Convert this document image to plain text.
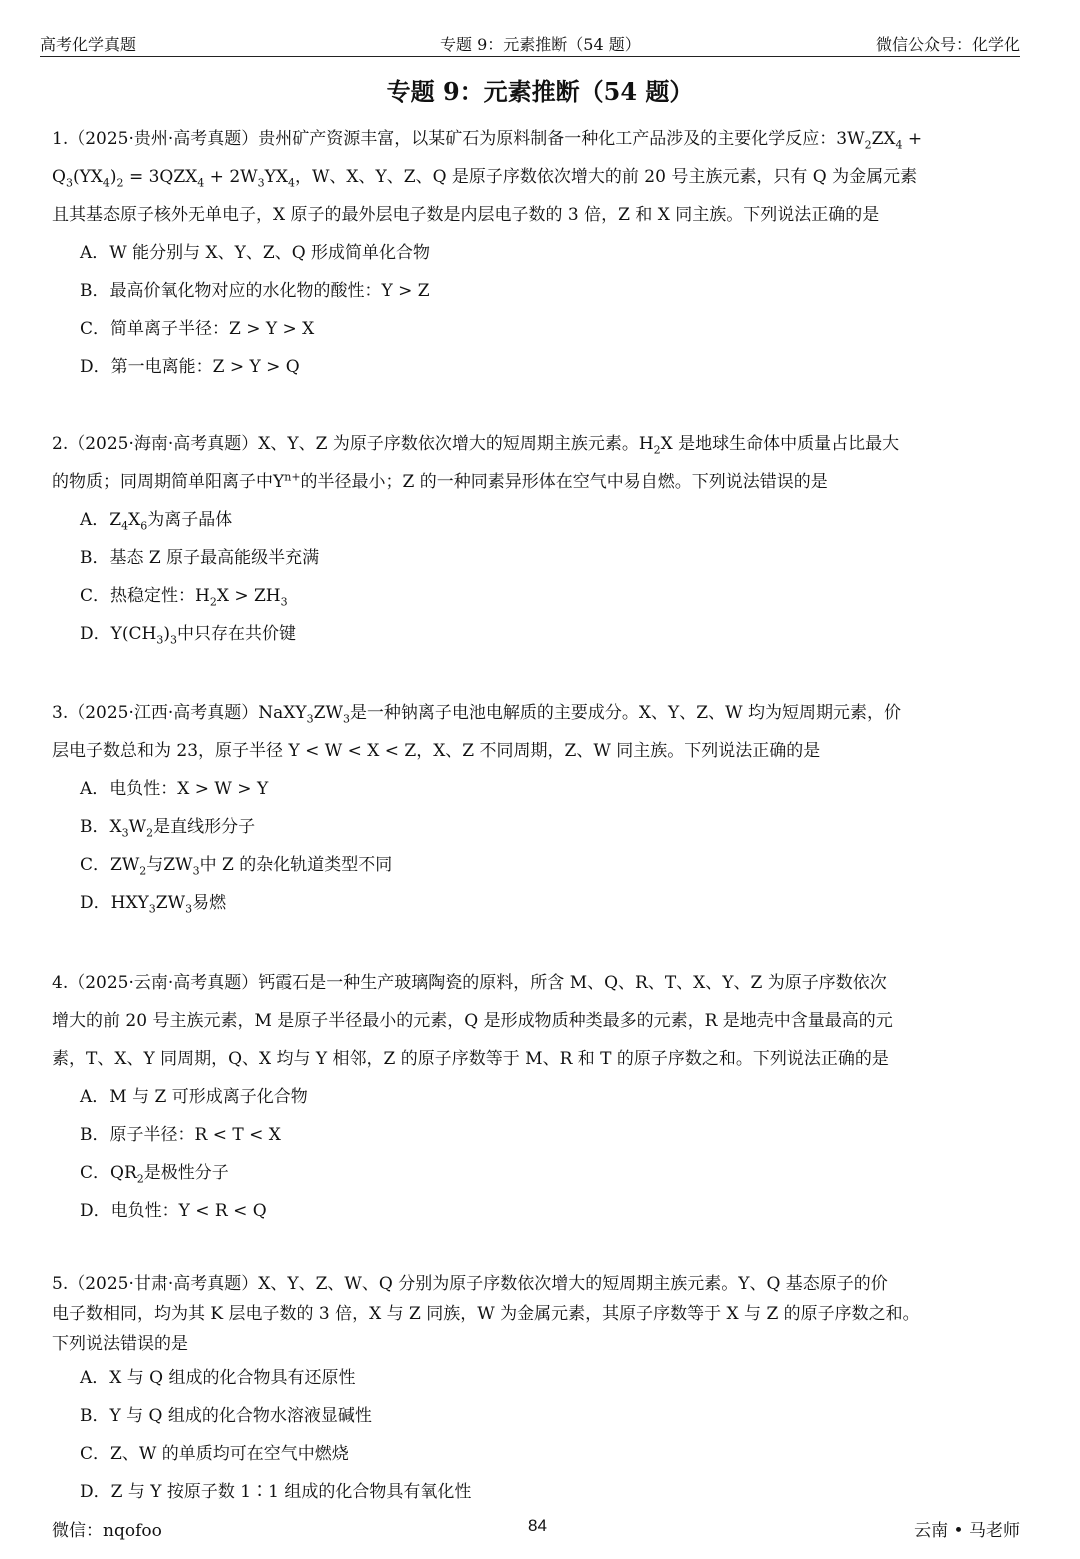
高考化学真题	专题 9：元素推断（54 题）	微信公众号：化学化
专题 9：元素推断（54 题）
1.（2025·贵州·高考真题）贵州矿产资源丰富，以某矿石为原料制备一种化工产品涉及的主要化学反应：$3W_2ZX_4$ +
$Q_3(YX_4)_2 = 3QZX_4 + 2W_3YX_4$，W、X、Y、Z、Q 是原子序数依次增大的前 20 号主族元素，只有 Q 为金属元素
且其基态原子核外无单电子，X 原子的最外层电子数是内层电子数的 3 倍，Z 和 X 同主族。下列说法正确的是
A．W 能分别与 X、Y、Z、Q 形成简单化合物
B．最高价氧化物对应的水化物的酸性：Y > Z
C．简单离子半径：Z > Y > X
D．第一电离能：Z > Y > Q
2.（2025·海南·高考真题）X、Y、Z 为原子序数依次增大的短周期主族元素。$H_2X$ 是地球生命体中质量占比最大
的物质；同周期简单阳离子中$Y^{n+}$的半径最小；Z 的一种同素异形体在空气中易自燃。下列说法错误的是
A．$Z_4X_6$为离子晶体
B．基态 Z 原子最高能级半充满
C．热稳定性：$H_2X > ZH_3$
D．$Y(CH_3)_3$中只存在共价键
3.（2025·江西·高考真题）$NaXY_3ZW_3$是一种钠离子电池电解质的主要成分。X、Y、Z、W 均为短周期元素，价
层电子数总和为 23，原子半径 Y < W < X < Z，X、Z 不同周期，Z、W 同主族。下列说法正确的是
A．电负性：X > W > Y
B．$X_3W_2$是直线形分子
C．$ZW_2$与$ZW_3$中 Z 的杂化轨道类型不同
D．$HXY_3ZW_3$易燃
4.（2025·云南·高考真题）钙霞石是一种生产玻璃陶瓷的原料，所含 M、Q、R、T、X、Y、Z 为原子序数依次
增大的前 20 号主族元素，M 是原子半径最小的元素，Q 是形成物质种类最多的元素，R 是地壳中含量最高的元
素，T、X、Y 同周期，Q、X 均与 Y 相邻，Z 的原子序数等于 M、R 和 T 的原子序数之和。下列说法正确的是
A．M 与 Z 可形成离子化合物
B．原子半径：R < T < X
C．$QR_2$是极性分子
D．电负性：Y < R < Q
5.（2025·甘肃·高考真题）X、Y、Z、W、Q 分别为原子序数依次增大的短周期主族元素。Y、Q 基态原子的价
电子数相同，均为其 K 层电子数的 3 倍，X 与 Z 同族，W 为金属元素，其原子序数等于 X 与 Z 的原子序数之和。
下列说法错误的是
A．X 与 Q 组成的化合物具有还原性
B．Y 与 Q 组成的化合物水溶液显碱性
C．Z、W 的单质均可在空气中燃烧
D．Z 与 Y 按原子数 1∶1 组成的化合物具有氧化性
微信：nqofoo	84	云南 • 马老师
